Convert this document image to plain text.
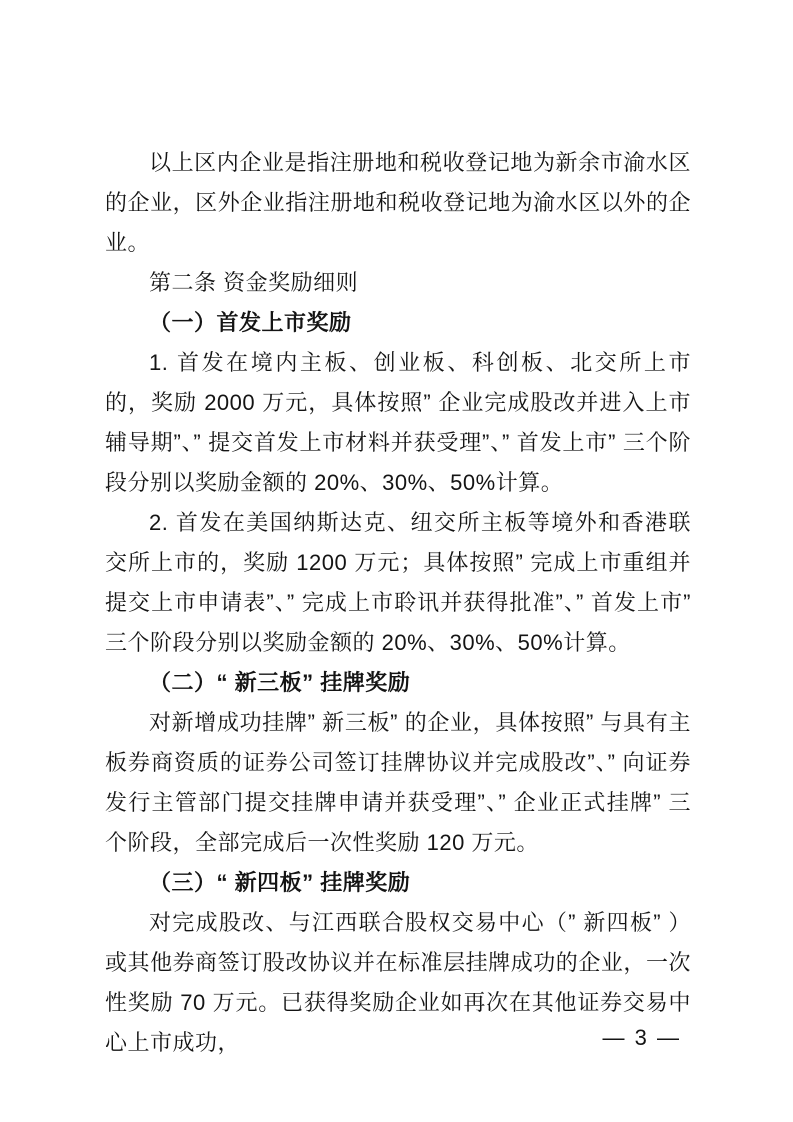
以上区内企业是指注册地和税收登记地为新余市渝水区的企业，区外企业指注册地和税收登记地为渝水区以外的企业。

第二条 资金奖励细则

（一）首发上市奖励

1. 首发在境内主板、创业板、科创板、北交所上市的，奖励 2000 万元，具体按照” 企业完成股改并进入上市辅导期”、” 提交首发上市材料并获受理”、” 首发上市” 三个阶段分别以奖励金额的 20%、30%、50%计算。

2. 首发在美国纳斯达克、纽交所主板等境外和香港联交所上市的，奖励 1200 万元；具体按照” 完成上市重组并提交上市申请表”、” 完成上市聆讯并获得批准”、” 首发上市” 三个阶段分别以奖励金额的 20%、30%、50%计算。

（二）“ 新三板” 挂牌奖励

对新增成功挂牌” 新三板” 的企业，具体按照” 与具有主板券商资质的证券公司签订挂牌协议并完成股改”、” 向证券发行主管部门提交挂牌申请并获受理”、” 企业正式挂牌” 三个阶段，全部完成后一次性奖励 120 万元。

（三）“ 新四板” 挂牌奖励

对完成股改、与江西联合股权交易中心（” 新四板” ）或其他券商签订股改协议并在标准层挂牌成功的企业，一次性奖励 70 万元。已获得奖励企业如再次在其他证券交易中心上市成功，	— 3 —
